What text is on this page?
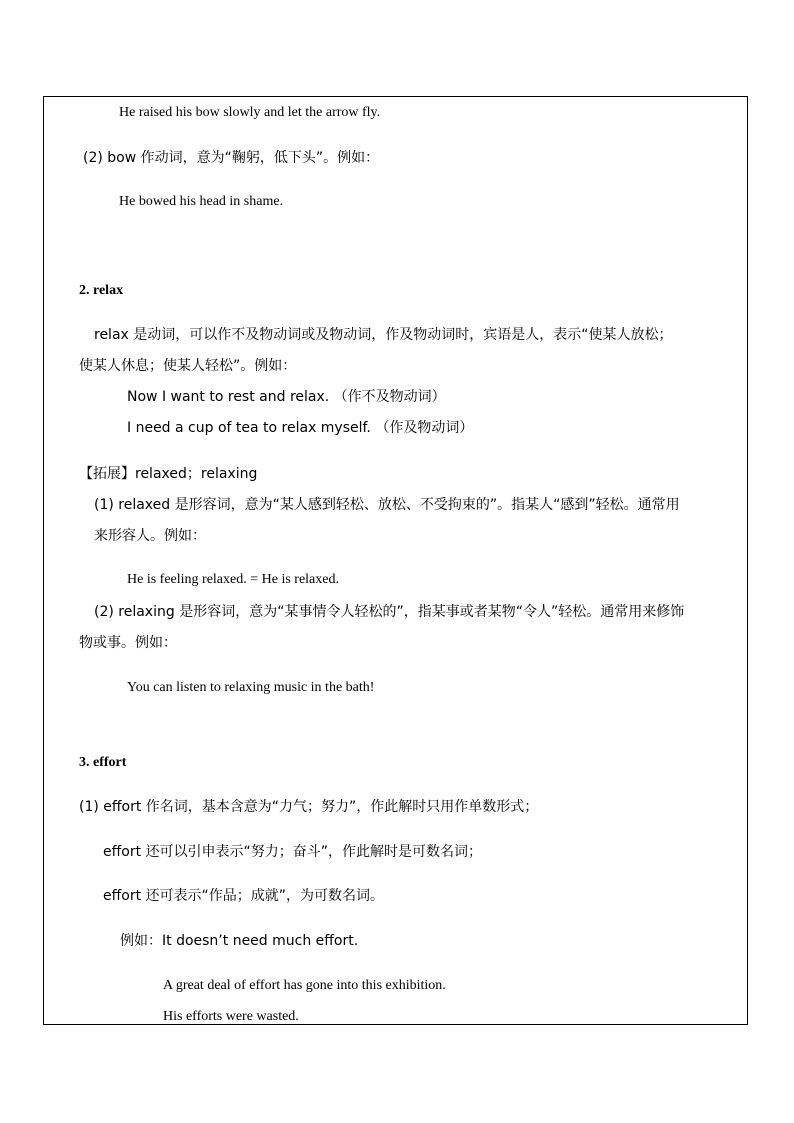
He raised his bow slowly and let the arrow fly.
(2) bow 作动词，意为“鞠躬，低下头”。例如：
He bowed his head in shame.
2. relax
relax 是动词，可以作不及物动词或及物动词，作及物动词时，宾语是人，表示“使某人放松；
使某人休息；使某人轻松”。例如：
Now I want to rest and relax. （作不及物动词）
I need a cup of tea to relax myself. （作及物动词）
【拓展】relaxed；relaxing
(1) relaxed 是形容词，意为“某人感到轻松、放松、不受拘束的”。指某人“感到”轻松。通常用
来形容人。例如：
He is feeling relaxed. = He is relaxed.
(2) relaxing 是形容词，意为“某事情令人轻松的”，指某事或者某物“令人”轻松。通常用来修饰
物或事。例如：
You can listen to relaxing music in the bath!
3. effort
(1) effort 作名词，基本含意为“力气；努力”，作此解时只用作单数形式；
effort 还可以引申表示“努力；奋斗”，作此解时是可数名词；
effort 还可表示“作品；成就”，为可数名词。
例如：It doesn’t need much effort.
A great deal of effort has gone into this exhibition.
His efforts were wasted.
